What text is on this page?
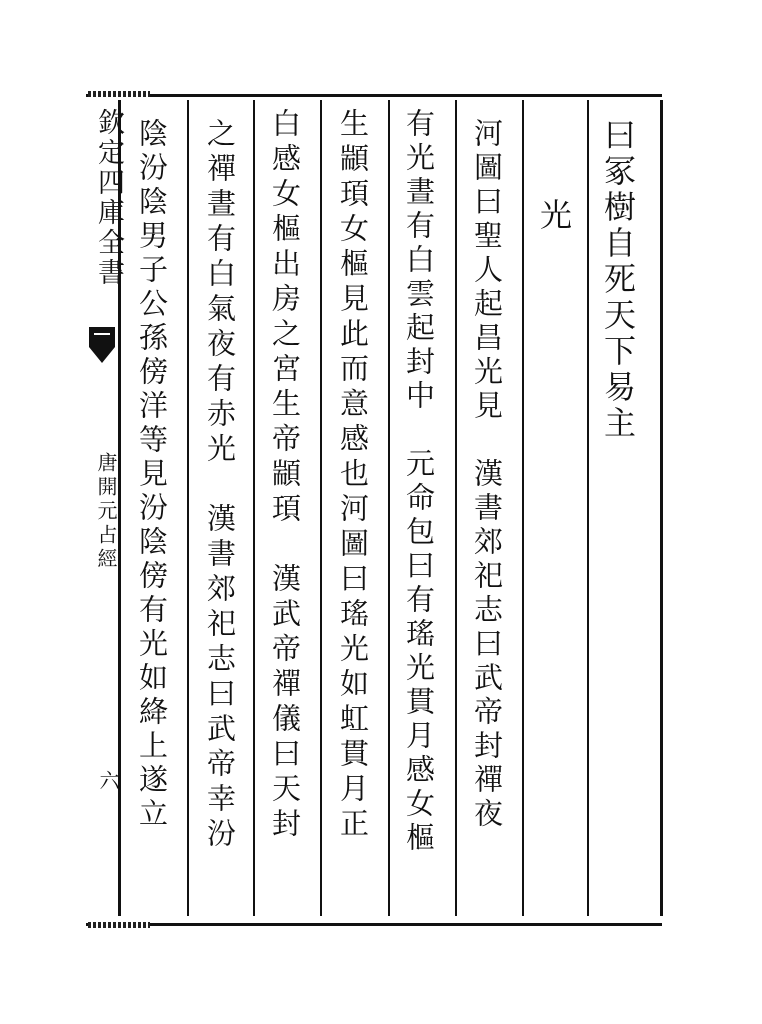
欽定四庫全書
唐開元占經
六
曰冢樹自死天下易主
光
河圖曰聖人起昌光見　漢書郊祀志曰武帝封禪夜
有光晝有白雲起封中　元命包曰有瑤光貫月感女樞
生顓頊女樞見此而意感也河圖曰瑤光如虹貫月正
白感女樞出房之宮生帝顓頊　漢武帝禪儀曰天封
之禪晝有白氣夜有赤光　漢書郊祀志曰武帝幸汾
陰汾陰男子公孫傍洋等見汾陰傍有光如絳上遂立
